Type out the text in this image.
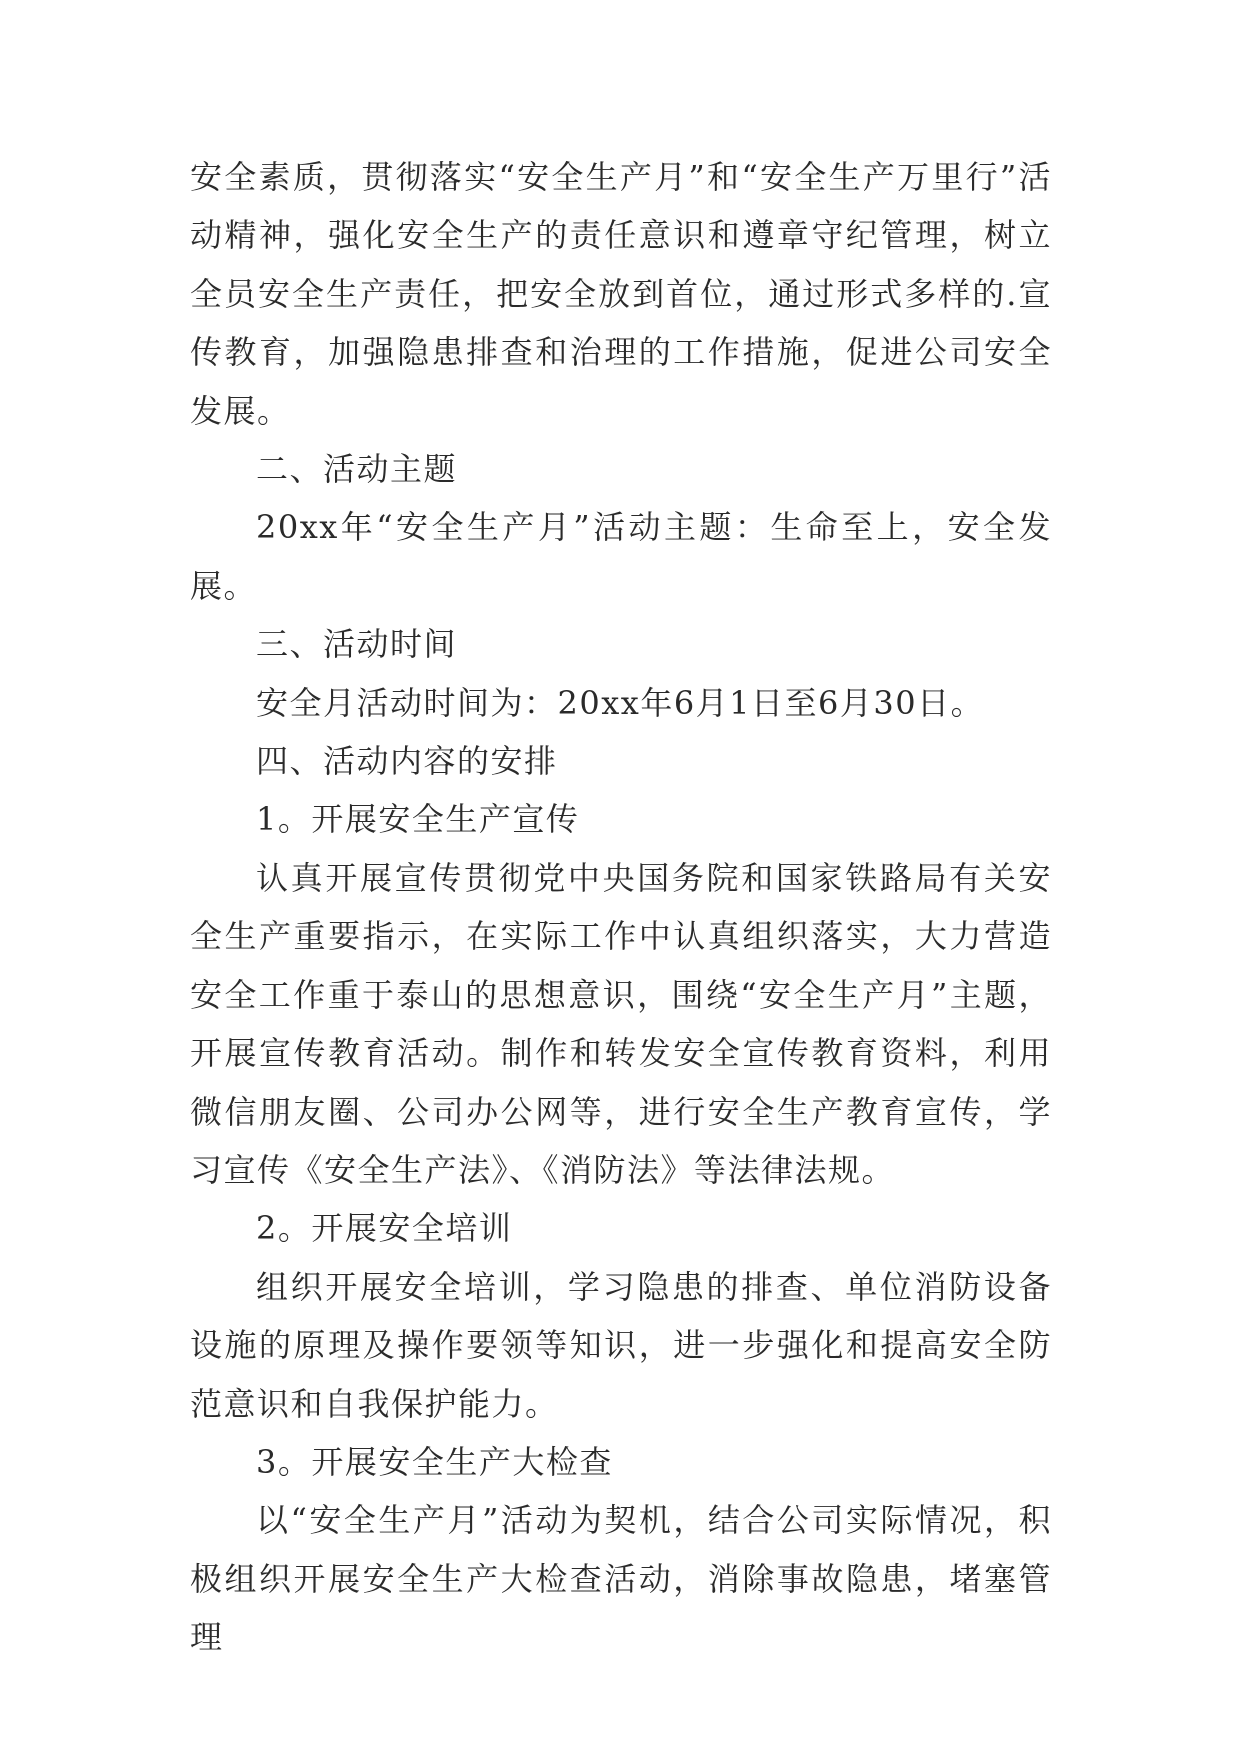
安全素质，贯彻落实“安全生产月”和“安全生产万里行”活动精神，强化安全生产的责任意识和遵章守纪管理，树立全员安全生产责任，把安全放到首位，通过形式多样的.宣传教育，加强隐患排查和治理的工作措施，促进公司安全发展。

二、活动主题

20xx年“安全生产月”活动主题：生命至上，安全发展。

三、活动时间

安全月活动时间为：20xx年6月1日至6月30日。

四、活动内容的安排

1。开展安全生产宣传

认真开展宣传贯彻党中央国务院和国家铁路局有关安全生产重要指示，在实际工作中认真组织落实，大力营造安全工作重于泰山的思想意识，围绕“安全生产月”主题，开展宣传教育活动。制作和转发安全宣传教育资料，利用微信朋友圈、公司办公网等，进行安全生产教育宣传，学习宣传《安全生产法》、《消防法》等法律法规。

2。开展安全培训

组织开展安全培训，学习隐患的排查、单位消防设备设施的原理及操作要领等知识，进一步强化和提高安全防范意识和自我保护能力。

3。开展安全生产大检查

以“安全生产月”活动为契机，结合公司实际情况，积极组织开展安全生产大检查活动，消除事故隐患，堵塞管理
